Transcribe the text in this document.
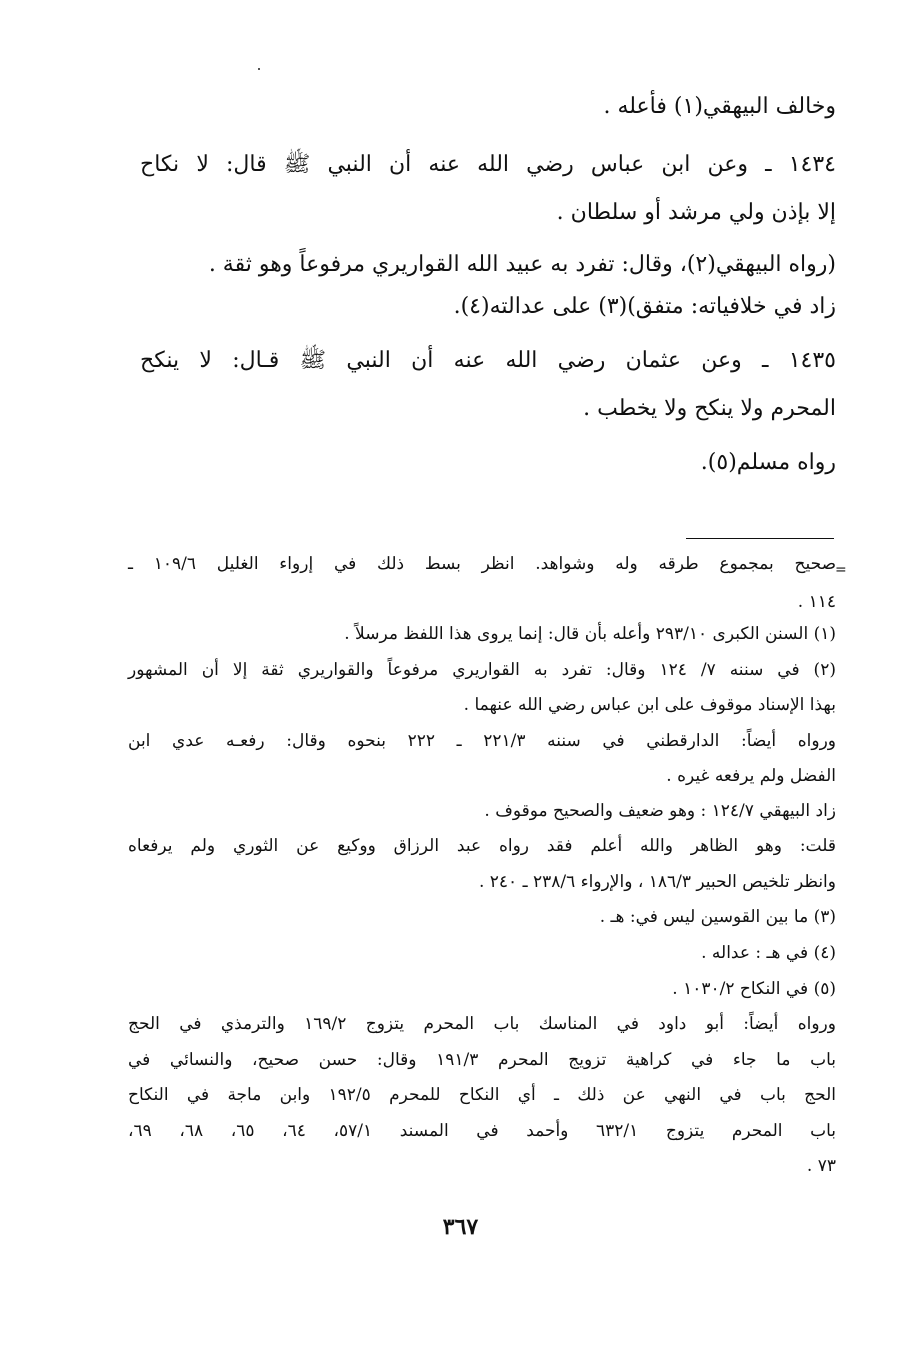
وخالف البيهقي(١) فأعله .
١٤٣٤ ـ وعن ابن عباس رضي الله عنه أن النبي ﷺ قال: لا نكاح
إلا بإذن ولي مرشد أو سلطان .
(رواه البيهقي(٢)، وقال: تفرد به عبيد الله القواريري مرفوعاً وهو ثقة .
زاد في خلافياته: متفق)(٣) على عدالته(٤).
١٤٣٥ ـ وعن عثمان رضي الله عنه أن النبي ﷺ قـال: لا ينكح
المحرم ولا ينكح ولا يخطب .
رواه مسلم(٥).
=
صحيح بمجموع طرقه وله وشواهد. انظر بسط ذلك في إرواء الغليل ١٠٩/٦ ـ
١١٤ .
(١) السنن الكبرى ٢٩٣/١٠ وأعله بأن قال: إنما يروى هذا اللفظ مرسلاً .
(٢) في سننه ٧/ ١٢٤ وقال: تفرد به القواريري مرفوعاً والقواريري ثقة إلا أن المشهور
بهذا الإسناد موقوف على ابن عباس رضي الله عنهما .
ورواه أيضاً: الدارقطني في سننه ٢٢١/٣ ـ ٢٢٢ بنحوه وقال: رفعـه عدي ابن
الفضل ولم يرفعه غيره .
زاد البيهقي ١٢٤/٧ : وهو ضعيف والصحيح موقوف .
قلت: وهو الظاهر والله أعلم فقد رواه عبد الرزاق ووكيع عن الثوري ولم يرفعاه
وانظر تلخيص الحبير ١٨٦/٣ ، والإرواء ٢٣٨/٦ ـ ٢٤٠ .
(٣) ما بين القوسين ليس في: هـ .
(٤) في هـ : عداله .
(٥) في النكاح ١٠٣٠/٢ .
ورواه أيضاً: أبو داود في المناسك باب المحرم يتزوج ١٦٩/٢ والترمذي في الحج
باب ما جاء في كراهية تزويج المحرم ١٩١/٣ وقال: حسن صحيح، والنسائي في
الحج باب في النهي عن ذلك ـ أي النكاح للمحرم ١٩٢/٥ وابن ماجة في النكاح
باب المحرم يتزوج ٦٣٢/١ وأحمد في المسند ٥٧/١، ٦٤، ٦٥، ٦٨، ٦٩،
٧٣ .
٣٦٧
